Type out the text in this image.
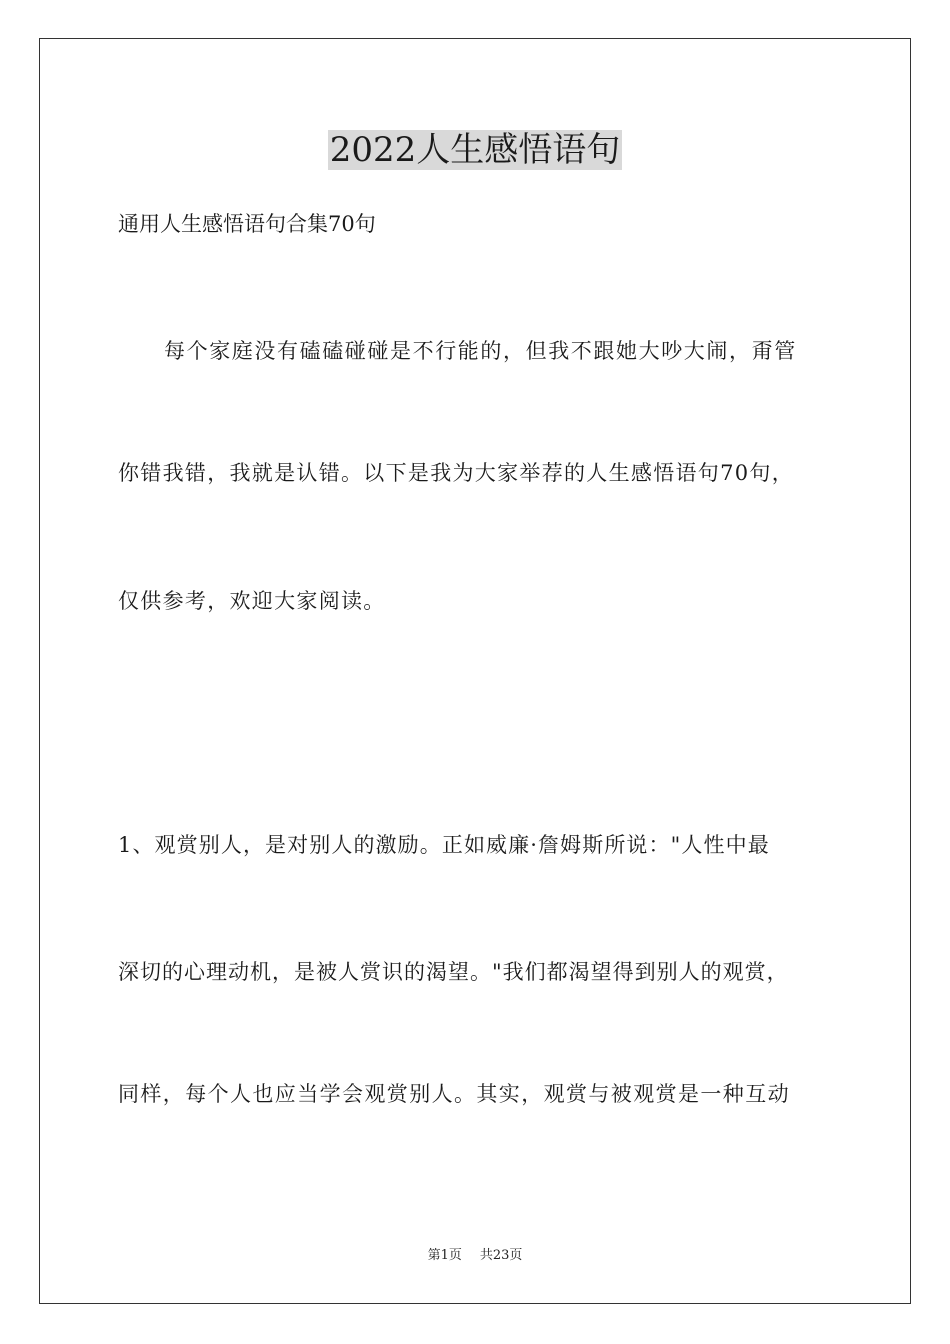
2022人生感悟语句
通用人生感悟语句合集70句
每个家庭没有磕磕碰碰是不行能的，但我不跟她大吵大闹，甭管
你错我错，我就是认错。以下是我为大家举荐的人生感悟语句70句，
仅供参考，欢迎大家阅读。
1、观赏别人，是对别人的激励。正如威廉·詹姆斯所说："人性中最
深切的心理动机，是被人赏识的渴望。"我们都渴望得到别人的观赏，
同样，每个人也应当学会观赏别人。其实，观赏与被观赏是一种互动
第1页 共23页
